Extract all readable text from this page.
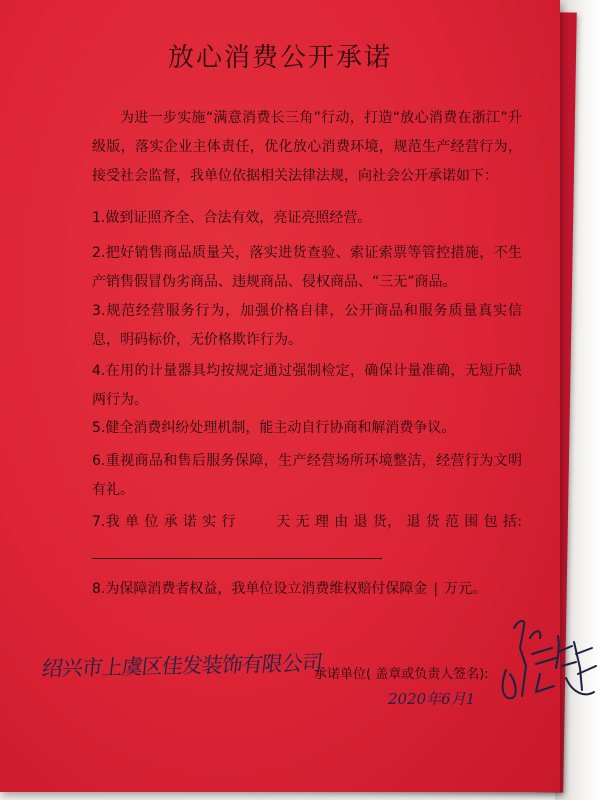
放心消费公开承诺

为进一步实施“满意消费长三角”行动，打造“放心消费在浙江”升级版，落实企业主体责任，优化放心消费环境，规范生产经营行为，接受社会监督，我单位依据相关法律法规，向社会公开承诺如下：

1.做到证照齐全、合法有效，亮证亮照经营。

2.把好销售商品质量关，落实进货查验、索证索票等管控措施，不生产销售假冒伪劣商品、违规商品、侵权商品、“三无”商品。

3.规范经营服务行为，加强价格自律，公开商品和服务质量真实信息，明码标价，无价格欺诈行为。

4.在用的计量器具均按规定通过强制检定，确保计量准确，无短斤缺两行为。

5.健全消费纠纷处理机制，能主动自行协商和解消费争议。

6.重视商品和售后服务保障，生产经营场所环境整洁，经营行为文明有礼。

7.我 单 位 承 诺 实 行	天 无 理 由 退 货， 退 货 范 围 包 括:

8.为保障消费者权益，我单位设立消费维权赔付保障金 | 万元。

绍兴市上虞区佳发装饰有限公司
承诺单位( 盖章或负责人签名):
2020年6月1
